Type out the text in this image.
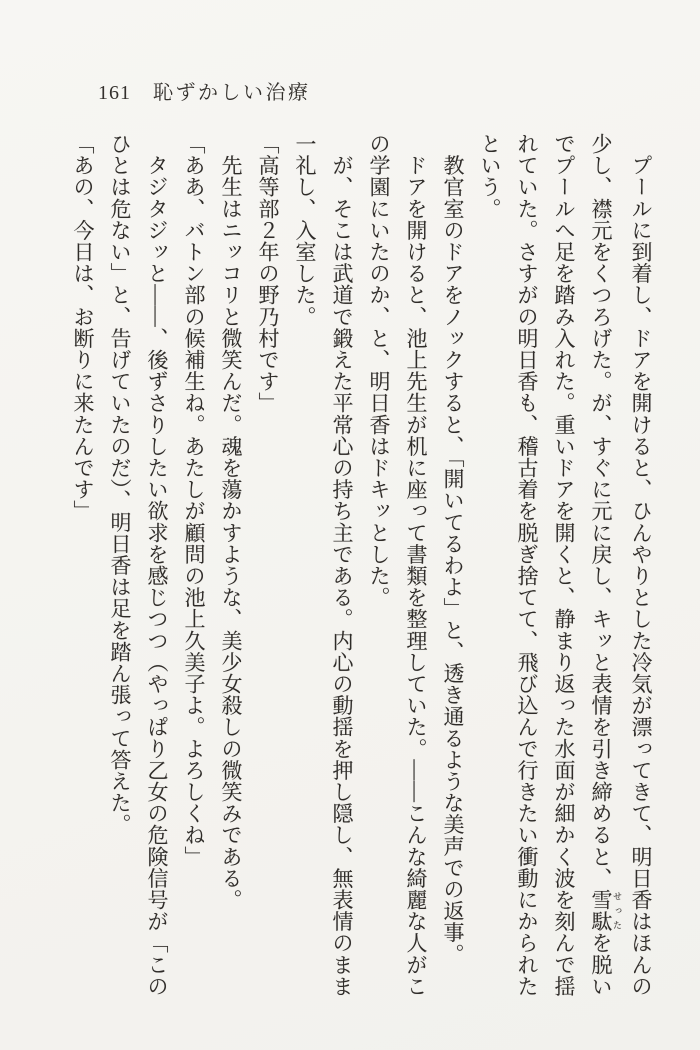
161 恥ずかしい治療
　プールに到着し、ドアを開けると、ひんやりとした冷気が漂ってきて、明日香はほんの
少し、襟元をくつろげた。が、すぐに元に戻し、キッと表情を引き締めると、雪駄 せったを脱い
でプールへ足を踏み入れた。重いドアを開くと、静まり返った水面が細かく波を刻んで揺
れていた。さすがの明日香も、稽古着を脱ぎ捨てて、飛び込んで行きたい衝動にかられた
という。
　教官室のドアをノックすると、「開いてるわよ」と、透き通るような美声での返事。
　ドアを開けると、池上先生が机に座って書類を整理していた。――こんな綺麗な人がこ
の学園にいたのか、と、明日香はドキッとした。
　が、そこは武道で鍛えた平常心の持ち主である。内心の動揺を押し隠し、無表情のまま
一礼し、入室した。
「高等部２年の野乃村です」
　先生はニッコリと微笑んだ。魂を蕩かすような、美少女殺しの微笑みである。
「ああ、バトン部の候補生ね。あたしが顧問の池上久美子よ。よろしくね」
　タジタジッと――、後ずさりしたい欲求を感じつつ（やっぱり乙女の危険信号が「この
ひとは危ない」と、告げていたのだ）、明日香は足を踏ん張って答えた。
「あの、今日は、お断りに来たんです」
